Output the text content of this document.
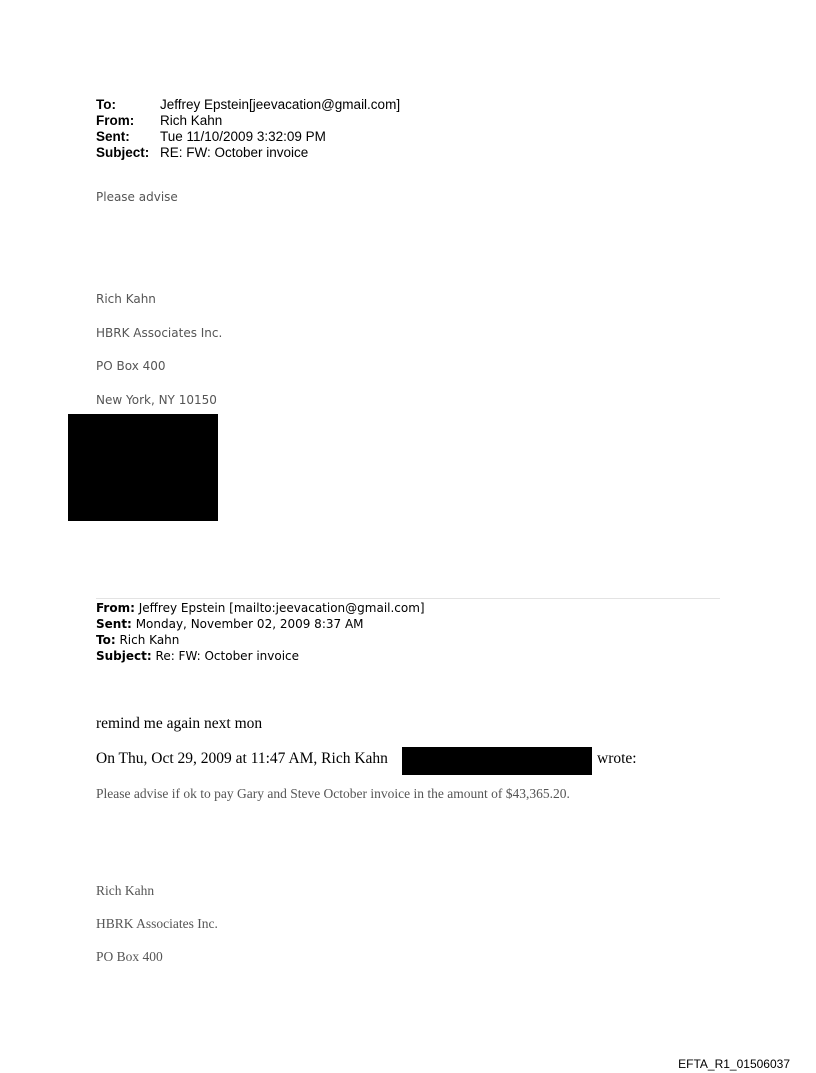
To:	Jeffrey Epstein[jeevacation@gmail.com]
From:	Rich Kahn
Sent:	Tue 11/10/2009 3:32:09 PM
Subject: RE: FW: October invoice
Please advise
Rich Kahn
HBRK Associates Inc.
PO Box 400
New York, NY 10150
From: Jeffrey Epstein [mailto:jeevacation@gmail.com]
Sent: Monday, November 02, 2009 8:37 AM
To: Rich Kahn
Subject: Re: FW: October invoice
remind me again next mon
On Thu, Oct 29, 2009 at 11:47 AM, Rich Kahn	wrote:
Please advise if ok to pay Gary and Steve October invoice in the amount of $43,365.20.
Rich Kahn
HBRK Associates Inc.
PO Box 400
EFTA_R1_01506037
